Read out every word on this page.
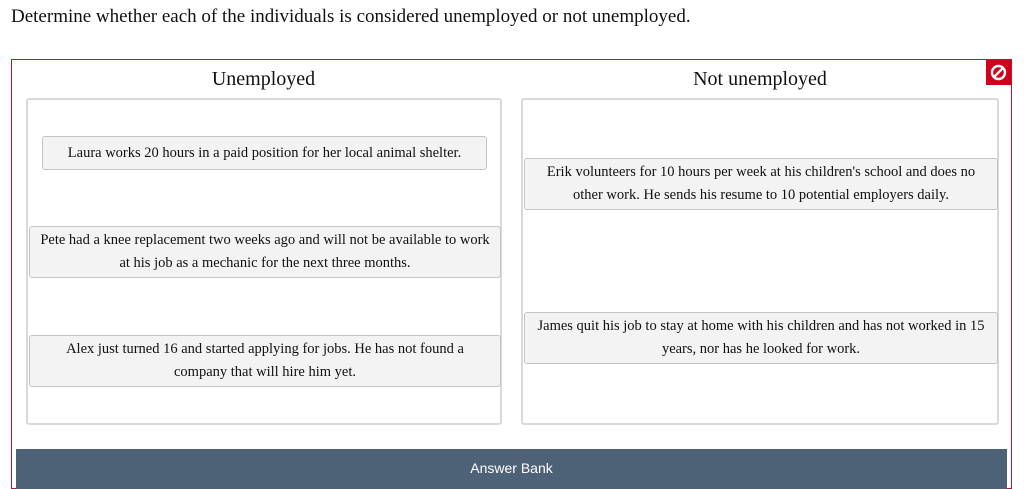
Determine whether each of the individuals is considered unemployed or not unemployed.
Unemployed	Not unemployed
Laura works 20 hours in a paid position for her local animal shelter.
Pete had a knee replacement two weeks ago and will not be available to work at his job as a mechanic for the next three months.
Alex just turned 16 and started applying for jobs. He has not found a company that will hire him yet.
Erik volunteers for 10 hours per week at his children's school and does no other work. He sends his resume to 10 potential employers daily.
James quit his job to stay at home with his children and has not worked in 15 years, nor has he looked for work.
Answer Bank
